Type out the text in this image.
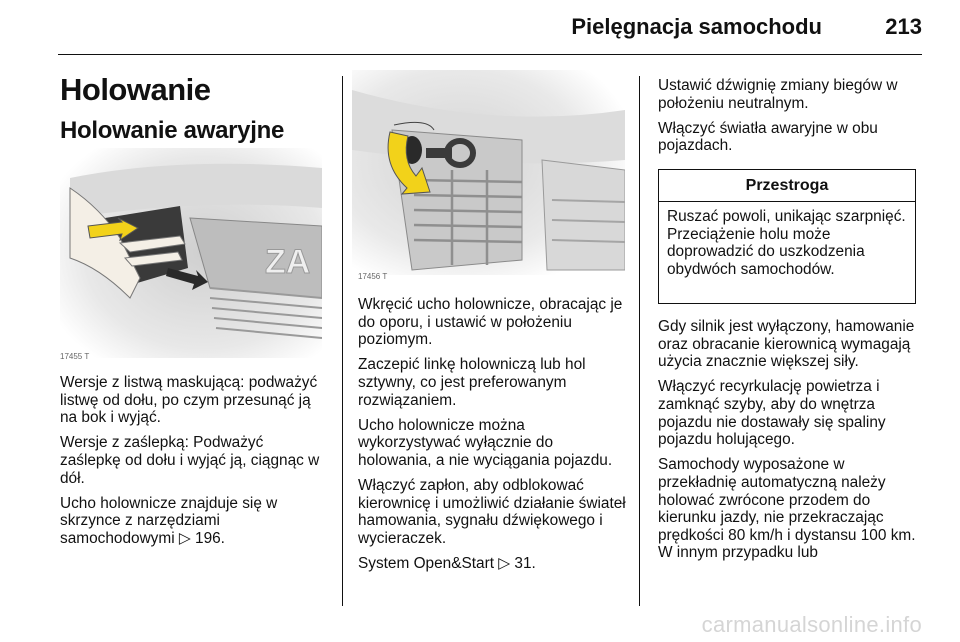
Pielęgnacja samochodu	213
Holowanie
Holowanie awaryjne
ZA
17455 T
17456 T

Wersje z listwą maskującą: podważyć listwę od dołu, po czym przesunąć ją na bok i wyjąć.

Wersje z zaślepką: Podważyć zaślepkę od dołu i wyjąć ją, ciągnąc w dół.

Ucho holownicze znajduje się w skrzynce z narzędziami samochodowymi ▷ 196.

Wkręcić ucho holownicze, obracając je do oporu, i ustawić w położeniu poziomym.

Zaczepić linkę holowniczą lub hol sztywny, co jest preferowanym rozwiązaniem.

Ucho holownicze można wykorzystywać wyłącznie do holowania, a nie wyciągania pojazdu.

Włączyć zapłon, aby odblokować kierownicę i umożliwić działanie świateł hamowania, sygnału dźwiękowego i wycieraczek.

System Open&Start ▷ 31.

Ustawić dźwignię zmiany biegów w położeniu neutralnym.

Włączyć światła awaryjne w obu pojazdach.

Przestroga
Ruszać powoli, unikając szarpnięć. Przeciążenie holu może doprowadzić do uszkodzenia obydwóch samochodów.

Gdy silnik jest wyłączony, hamowanie oraz obracanie kierownicą wymagają użycia znacznie większej siły.

Włączyć recyrkulację powietrza i zamknąć szyby, aby do wnętrza pojazdu nie dostawały się spaliny pojazdu holującego.

Samochody wyposażone w przekładnię automatyczną należy holować zwrócone przodem do kierunku jazdy, nie przekraczając prędkości 80 km/h i dystansu 100 km. W innym przypadku lub

carmanualsonline.info
